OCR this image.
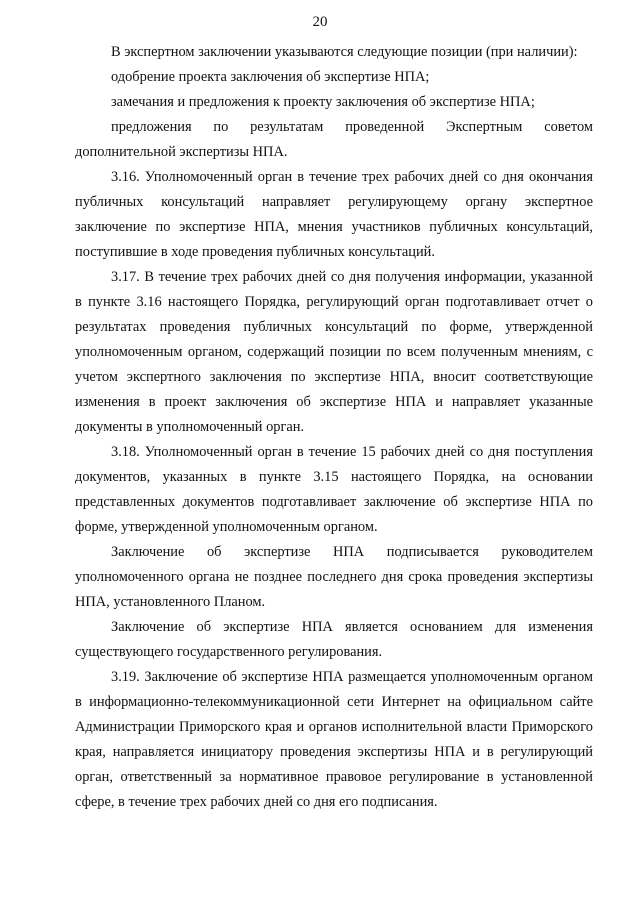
20

В экспертном заключении указываются следующие позиции (при наличии):

одобрение проекта заключения об экспертизе НПА;

замечания и предложения к проекту заключения об экспертизе НПА;

предложения по результатам проведенной Экспертным советом дополнительной экспертизы НПА.

3.16. Уполномоченный орган в течение трех рабочих дней со дня окончания публичных консультаций направляет регулирующему органу экспертное заключение по экспертизе НПА, мнения участников публичных консультаций, поступившие в ходе проведения публичных консультаций.

3.17. В течение трех рабочих дней со дня получения информации, указанной в пункте 3.16 настоящего Порядка, регулирующий орган подготавливает отчет о результатах проведения публичных консультаций по форме, утвержденной уполномоченным органом, содержащий позиции по всем полученным мнениям, с учетом экспертного заключения по экспертизе НПА, вносит соответствующие изменения в проект заключения об экспертизе НПА и направляет указанные документы в уполномоченный орган.

3.18. Уполномоченный орган в течение 15 рабочих дней со дня поступления документов, указанных в пункте 3.15 настоящего Порядка, на основании представленных документов подготавливает заключение об экспертизе НПА по форме, утвержденной уполномоченным органом.

Заключение об экспертизе НПА подписывается руководителем уполномоченного органа не позднее последнего дня срока проведения экспертизы НПА, установленного Планом.

Заключение об экспертизе НПА является основанием для изменения существующего государственного регулирования.

3.19. Заключение об экспертизе НПА размещается уполномоченным органом в информационно-телекоммуникационной сети Интернет на официальном сайте Администрации Приморского края и органов исполнительной власти Приморского края, направляется инициатору проведения экспертизы НПА и в регулирующий орган, ответственный за нормативное правовое регулирование в установленной сфере, в течение трех рабочих дней со дня его подписания.
